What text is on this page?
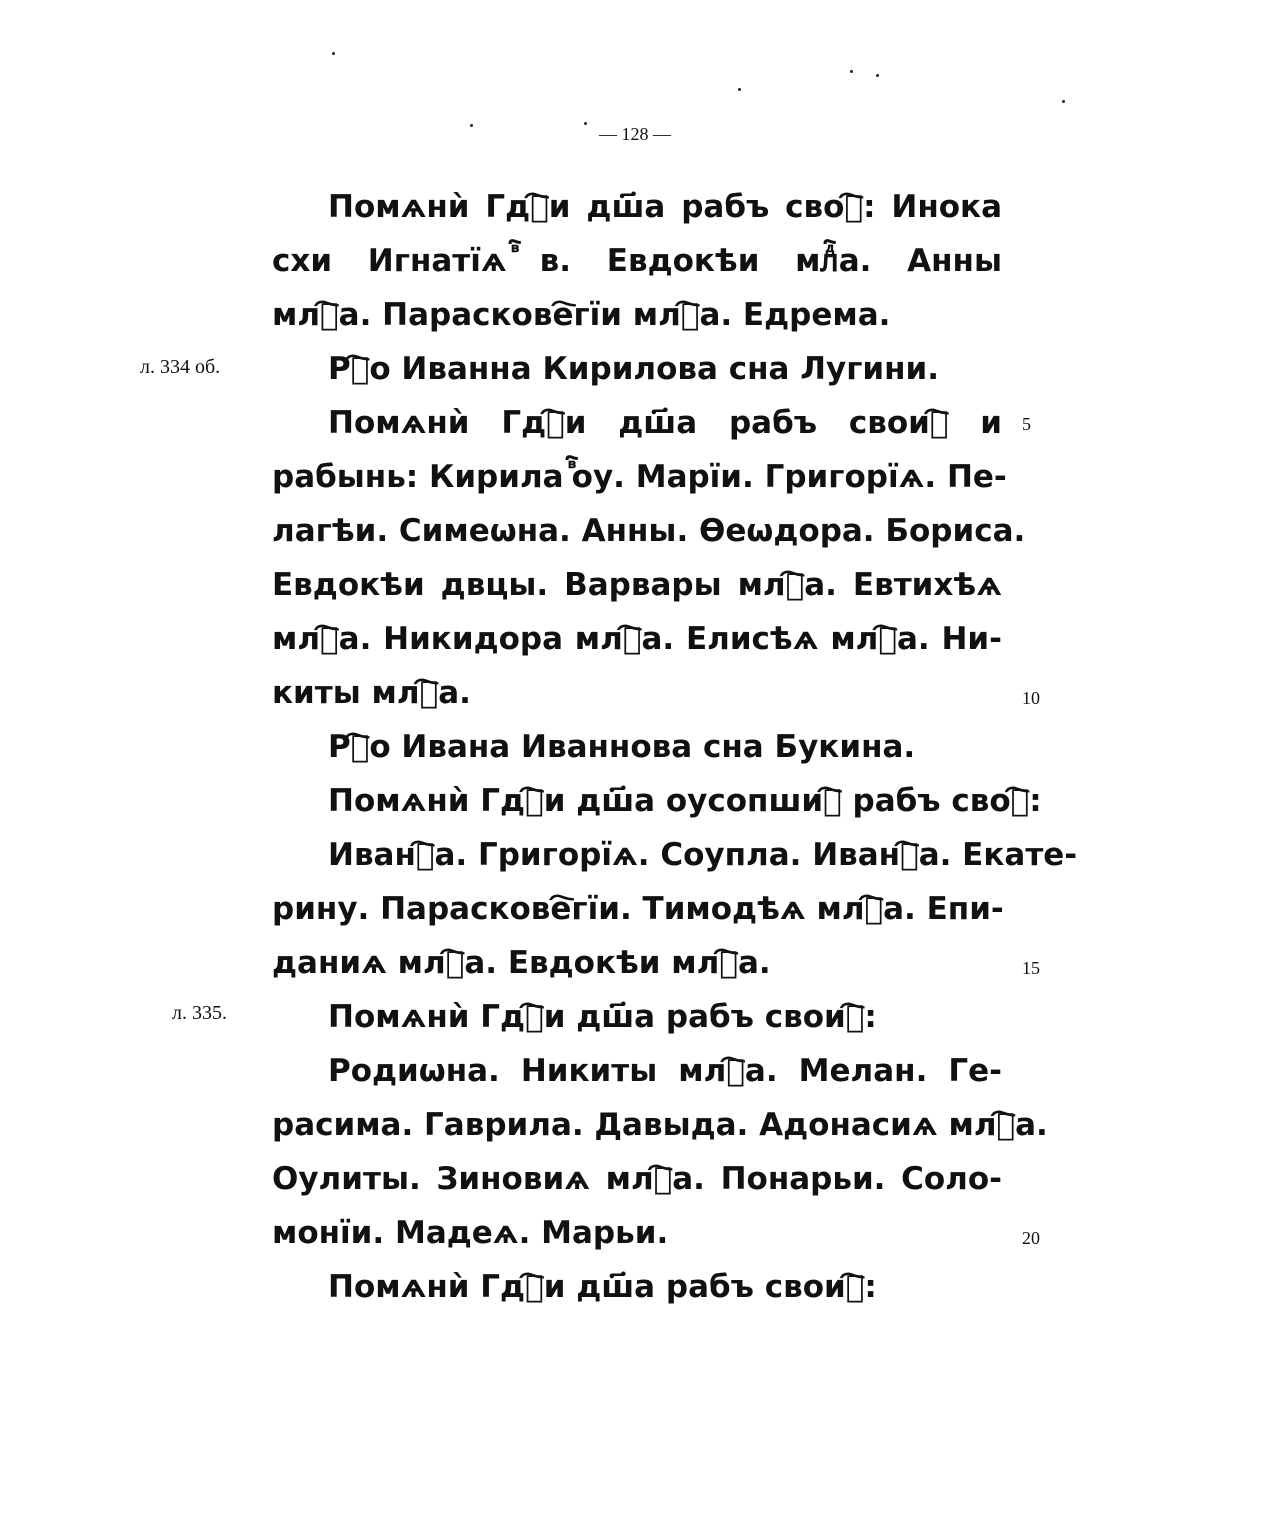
— 128 —
л. 334 об.
л. 335.
5
10
15
20
Помѧнѝ Гдⷭ҇и дш҃а рабъ своⷯ҇: Инока
схи Игнатїѧ ⷡ҇в. Евдокѣи млⷣ҇а. Анны
млⷣ҇а. Параскове҇гїи млⷣ҇а. Едрема.
Рⷣ҇о Иванна Кирилова сна Лугини.
Помѧнѝ Гдⷭ҇и дш҃а рабъ своиⷯ҇ и
рабынь: Кирила ⷡ҇оу. Марїи. Григорїѧ. Пе-
лагѣи. Симеѡна. Анны. Ѳеѡдора. Бориса.
Евдокѣи двцы. Варвары млⷣ҇а. Евтихѣѧ
млⷣ҇а. Никидора млⷣ҇а. Елисѣѧ млⷣ҇а. Ни-
киты млⷣ҇а.
Рⷣ҇о Ивана Иваннова сна Букина.
Помѧнѝ Гдⷭ҇и дш҃а оусопшиⷯ҇ рабъ своⷯ҇:
Иванⷶ҇а. Григорїѧ. Соупла. Иванⷶ҇а. Екате-
рину. Параскове҇гїи. Тимодѣѧ млⷣ҇а. Епи-
даниѧ млⷣ҇а. Евдокѣи млⷣ҇а.
Помѧнѝ Гдⷭ҇и дш҃а рабъ своиⷯ҇:
Родиѡна. Никиты млⷣ҇а. Мелан. Ге-
расима. Гаврила. Давыда. Адонасиѧ млⷣ҇а.
Оулиты. Зиновиѧ млⷣ҇а. Понарьи. Соло-
монїи. Мадеѧ. Марьи.
Помѧнѝ Гдⷭ҇и дш҃а рабъ своиⷯ҇:
